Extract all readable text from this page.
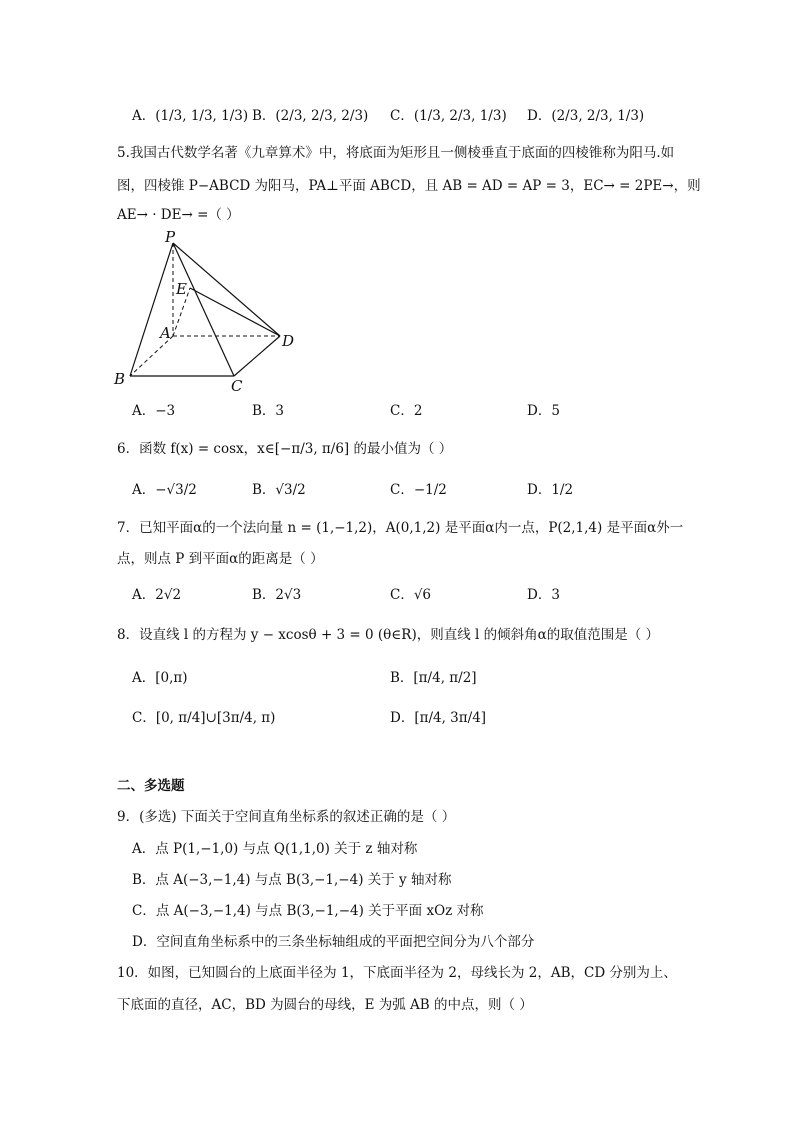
A．(1/3, 1/3, 1/3) B．(2/3, 2/3, 2/3) C．(1/3, 2/3, 1/3) D．(2/3, 2/3, 1/3)
5.我国古代数学名著《九章算术》中，将底面为矩形且一侧棱垂直于底面的四棱锥称为阳马.如
图，四棱锥 P−ABCD 为阳马，PA⊥平面 ABCD，且 AB = AD = AP = 3，EC→ = 2PE→，则
AE→ · DE→ =（ ）
P
E
A	D
B	C
A．−3	B．3	C．2	D．5
6．函数 f(x) = cosx，x∈[−π/3, π/6] 的最小值为（ ）
A．−√3/2	B．√3/2	C．−1/2	D．1/2
7．已知平面α的一个法向量 n = (1,−1,2)，A(0,1,2) 是平面α内一点，P(2,1,4) 是平面α外一
点，则点 P 到平面α的距离是（ ）
A．2√2	B．2√3	C．√6	D．3
8．设直线 l 的方程为 y − xcosθ + 3 = 0 (θ∈R)，则直线 l 的倾斜角α的取值范围是（ ）
A．[0,π)	B．[π/4, π/2]
C．[0, π/4]∪[3π/4, π)	D．[π/4, 3π/4]
二、多选题
9．(多选) 下面关于空间直角坐标系的叙述正确的是（ ）
A．点 P(1,−1,0) 与点 Q(1,1,0) 关于 z 轴对称
B．点 A(−3,−1,4) 与点 B(3,−1,−4) 关于 y 轴对称
C．点 A(−3,−1,4) 与点 B(3,−1,−4) 关于平面 xOz 对称
D．空间直角坐标系中的三条坐标轴组成的平面把空间分为八个部分
10．如图，已知圆台的上底面半径为 1，下底面半径为 2，母线长为 2，AB，CD 分别为上、
下底面的直径，AC，BD 为圆台的母线，E 为弧 AB 的中点，则（ ）
